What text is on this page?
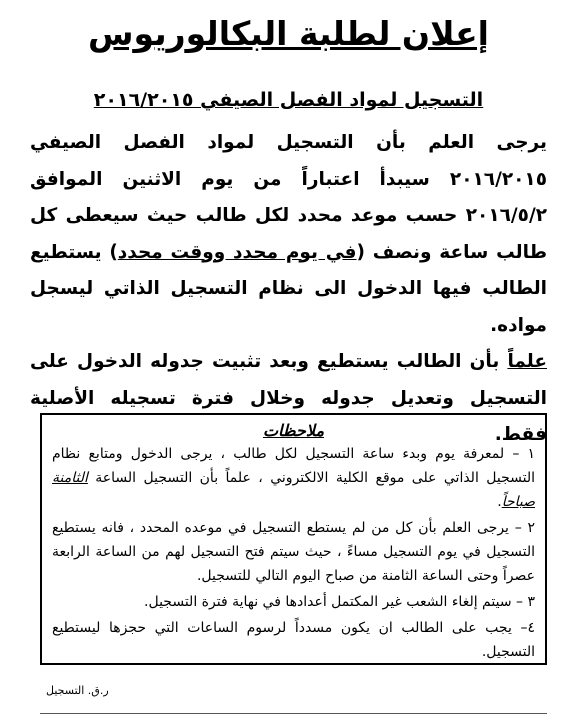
إعلان لطلبة البكالوريوس
التسجيل لمواد الفصل الصيفي ٢٠١٦/٢٠١٥

يرجى العلم بأن التسجيل لمواد الفصل الصيفي ٢٠١٦/٢٠١٥ سيبدأ اعتباراً من يوم الاثنين الموافق ٢٠١٦/٥/٢ حسب موعد محدد لكل طالب حيث سيعطى كل طالب ساعة ونصف (في يوم محدد ووقت محدد) يستطيع الطالب فيها الدخول الى نظام التسجيل الذاتي ليسجل مواده.

علماً بأن الطالب يستطيع وبعد تثبيت جدوله الدخول على التسجيل وتعديل جدوله وخلال فترة تسجيله الأصلية فقط.

ملاحظات
١ – لمعرفة يوم وبدء ساعة التسجيل لكل طالب ، يرجى الدخول ومتابع نظام التسجيل الذاتي على موقع الكلية الالكتروني ، علماً بأن التسجيل الساعة الثامنة صباحاً.
٢ – يرجى العلم بأن كل من لم يستطع التسجيل في موعده المحدد ، فانه يستطيع التسجيل في يوم التسجيل مساءً ، حيث سيتم فتح التسجيل لهم من الساعة الرابعة عصراً وحتى الساعة الثامنة من صباح اليوم التالي للتسجيل.
٣ – سيتم إلغاء الشعب غير المكتمل أعدادها في نهاية فترة التسجيل.
٤– يجب على الطالب ان يكون مسدداً لرسوم الساعات التي حجزها ليستطيع التسجيل.
ر.ق. التسجيل
